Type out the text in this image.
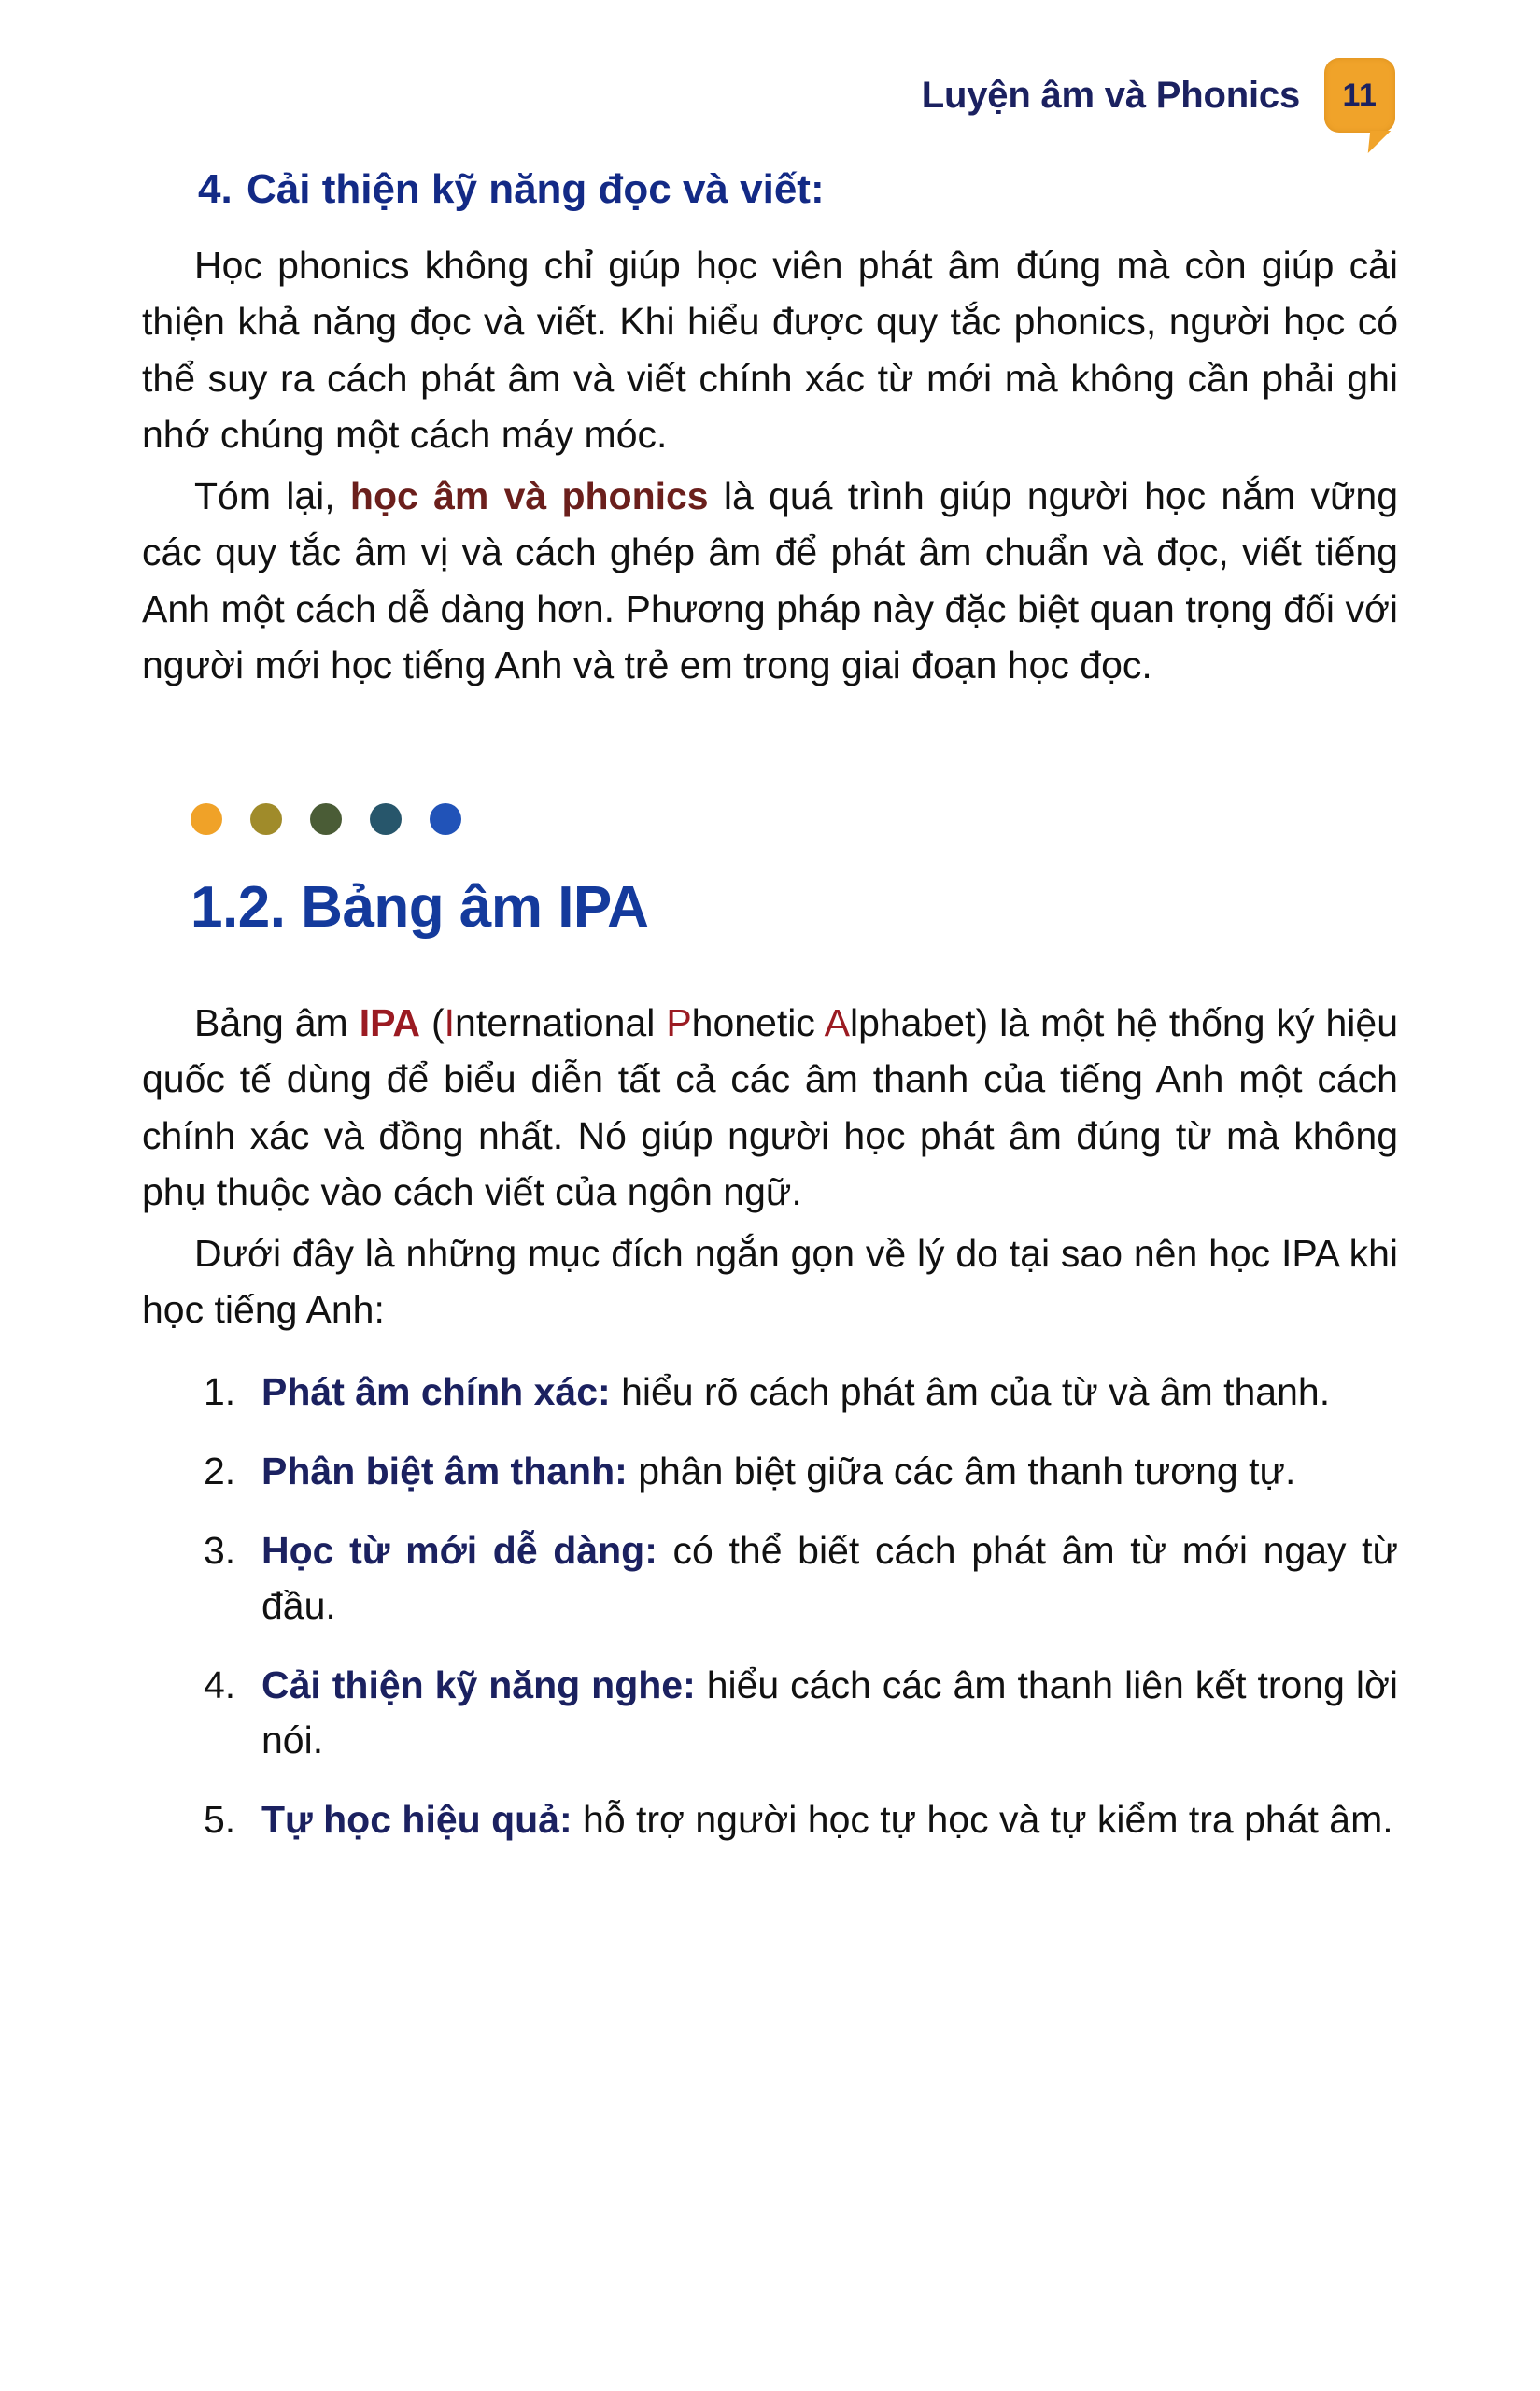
Luyện âm và Phonics 11
4. Cải thiện kỹ năng đọc và viết:

Học phonics không chỉ giúp học viên phát âm đúng mà còn giúp cải thiện khả năng đọc và viết. Khi hiểu được quy tắc phonics, người học có thể suy ra cách phát âm và viết chính xác từ mới mà không cần phải ghi nhớ chúng một cách máy móc.

Tóm lại, học âm và phonics là quá trình giúp người học nắm vững các quy tắc âm vị và cách ghép âm để phát âm chuẩn và đọc, viết tiếng Anh một cách dễ dàng hơn. Phương pháp này đặc biệt quan trọng đối với người mới học tiếng Anh và trẻ em trong giai đoạn học đọc.

1.2. Bảng âm IPA

Bảng âm IPA (International Phonetic Alphabet) là một hệ thống ký hiệu quốc tế dùng để biểu diễn tất cả các âm thanh của tiếng Anh một cách chính xác và đồng nhất. Nó giúp người học phát âm đúng từ mà không phụ thuộc vào cách viết của ngôn ngữ.

Dưới đây là những mục đích ngắn gọn về lý do tại sao nên học IPA khi học tiếng Anh:

1. Phát âm chính xác: hiểu rõ cách phát âm của từ và âm thanh.
2. Phân biệt âm thanh: phân biệt giữa các âm thanh tương tự.
3. Học từ mới dễ dàng: có thể biết cách phát âm từ mới ngay từ đầu.
4. Cải thiện kỹ năng nghe: hiểu cách các âm thanh liên kết trong lời nói.
5. Tự học hiệu quả: hỗ trợ người học tự học và tự kiểm tra phát âm.
